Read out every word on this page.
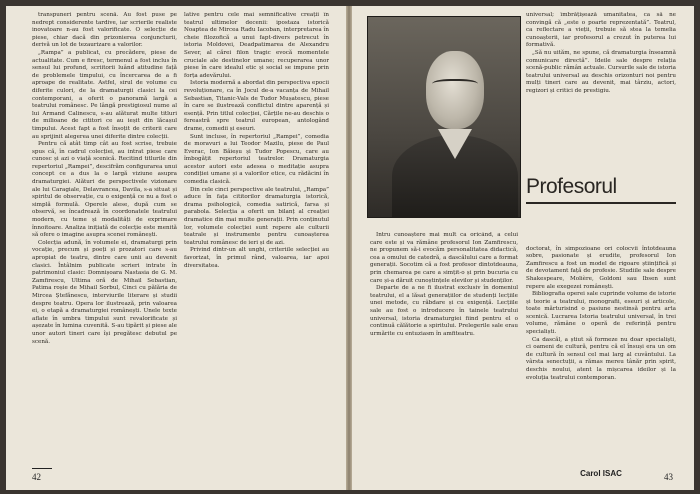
transpuneri pentru scenă. Au fost puse pe nedrept considerente tardive, iar scrierile realiste inovatoare n-au fost valorificate. O selecție de piese, chiar dacă din prizonierea conjuncturii, derivă un lot de tezaurizare a valorilor.

„Rampa” a publicat, cu precădere, piese de actualitate. Cum e firesc, termenul a fost inclus în sensul lui profund, scriitorii luând atitudine față de problemele timpului, cu încercarea de a fi aproape de realitate. Astfel, sirul de volume cu diferite culori, de la dramaturgii clasici la cei contemporani, a oferit o panoramă largă a teatrului românesc. Pe lângă prestigiosul nume al lui Armand Calinescu, s-au alăturat multe titluri de milioane de cititori ce au ieșit din lăcașul timpului. Acest fapt a fost însoțit de criterii care au sprijinit alegerea unei diferite dintre colecții.

Pentru că atât timp cât au fost scrise, trebuie spus că, în cadrul colecției, au intrat piese care cunosc și azi o viață scenică. Recitind titlurile din repertoriul „Rampei”, descifrăm configurarea unui concept ce a dus la o largă viziune asupra dramaturgiei. Alături de perspectivele vizionare ale lui Caragiale, Delavrancea, Davila, s-a situat și spiritul de observație, cu o exigență ce nu a fost o simplă formulă. Operele alese, după cum se observă, se încadrează în coordonatele teatrului modern, cu teme și modalități de exprimare înnoitoare. Analiza inițiată de colecție este menită să ofere o imagine asupra scenei românești.

Colecția adună, în volumele ei, dramaturgi prin vocație, precum și poeți și prozatori care s-au apropiat de teatru, dintre care unii au devenit clasici. Întâlnim publicate scrieri intrate în patrimoniul clasic: Domnișoara Nastasia de G. M. Zamfirescu, Ultima oră de Mihail Sebastian, Patima roșie de Mihail Sorbul, Cinci cu pălăria de Mircea Ștefănescu, interviurile literare și studii despre teatru. Opera lor ilustrează, prin valoarea ei, o etapă a dramaturgiei românești. Unele texte aflate în umbra timpului sunt revalorificate și așezate în lumina cuvenită. S-au tipărit și piese ale unor autori tineri care își pregătesc debutul pe scenă.

lative pentru cele mai semnificative creații în teatrul ultimelor decenii: ipostaza istorică Noaptea de Mircea Radu Iacoban, interpretarea în cheie filozofică a unui fapt-divers petrecut în istoria Moldovei, Deadpatimarea de Alexandru Sever, al cărei filon tragic evocă momentele cruciale ale destinelor umane; recuperarea unor piese în care idealul etic și social se impune prin forța adevărului.

Istoria modernă a abordat din perspectiva epocii revoluționare, ca în Jocul de-a vacanța de Mihail Sebastian, Titanic-Vals de Tudor Mușatescu, piese în care se ilustrează conflictul dintre aparență și esență. Prin titlul colecției, Cărțile ne-au deschis o fereastră spre teatrul european, antologând drame, comedii și eseuri.

Sunt incluse, în repertoriul „Rampei”, comedia de moravuri a lui Teodor Mazilu, piese de Paul Everac, Ion Băieșu și Tudor Popescu, care au îmbogățit repertoriul teatrelor. Dramaturgia acestor autori este adesea o meditație asupra condiției umane și a valorilor etice, cu rădăcini în comedia clasică.

Din cele cinci perspective ale teatrului, „Rampa” aduce în fața cititorilor dramaturgia istorică, drama psihologică, comedia satirică, farsa și parabola. Selecția a oferit un bilanț al creației dramatice din mai multe generații. Prin conținutul lor, volumele colecției sunt repere ale culturii teatrale și instrumente pentru cunoașterea teatrului românesc de ieri și de azi.

Privind dintr-un alt unghi, criteriile selecției au favorizat, în primul rând, valoarea, iar apoi diversitatea.

42

Întru cunoaștere mai mult ca oricând, a celui care este și va rămâne profesorul Ion Zamfirescu, ne propunem să-i evocăm personalitatea didactică, cea a omului de catedră, a dascălului care a format generații. Socotim că a fost profesor dintotdeauna, prin chemarea pe care a simțit-o și prin bucuria cu care și-a dăruit cunoștințele elevilor și studenților.

Departe de a ne fi ilustrat exclusiv în domeniul teatrului, el a lăsat generațiilor de studenți lecțiile unei metode, cu răbdare și cu exigență. Lecțiile sale au fost o introducere în tainele teatrului universal, istoria dramaturgiei fiind pentru el o continuă călătorie a spiritului. Prelegerile sale erau urmărite cu entuziasm în amfiteatru.

universal; îmbrățișează umanitatea, ca să ne convingă că „este o poarte reprezentată”. Teatrul, ca reflectare a vieții, trebuie să stea la temelia cunoașterii, iar profesorul a crezut în puterea lui formativă.

„Să nu uităm, ne spune, că dramaturgia înseamnă comunicare directă”. Ideile sale despre relația scenă-public rămân actuale. Cursurile sale de istoria teatrului universal au deschis orizonturi noi pentru mulți tineri care au devenit, mai târziu, actori, regizori și critici de prestigiu.

doctorat, în simpozioane ori colocvii întotdeauna sobre, pasionate și erudite, profesorul Ion Zamfirescu a fost un model de rigoare științifică și de devotament față de profesie. Studiile sale despre Shakespeare, Molière, Goldoni sau Ibsen sunt repere ale exegezei românești.

Bibliografia operei sale cuprinde volume de istorie și teorie a teatrului, monografii, eseuri și articole, toate mărturisind o pasiune nestinsă pentru arta scenică. Lucrarea Istoria teatrului universal, în trei volume, rămâne o operă de referință pentru specialiști.

Ca dascăl, a știut să formeze nu doar specialiști, ci oameni de cultură, pentru că el însuși era un om de cultură în sensul cel mai larg al cuvântului. La vârsta senectuții, a rămas mereu tânăr prin spirit, deschis noului, atent la mișcarea ideilor și la evoluția teatrului contemporan.

Profesorul
Carol ISAC	43
